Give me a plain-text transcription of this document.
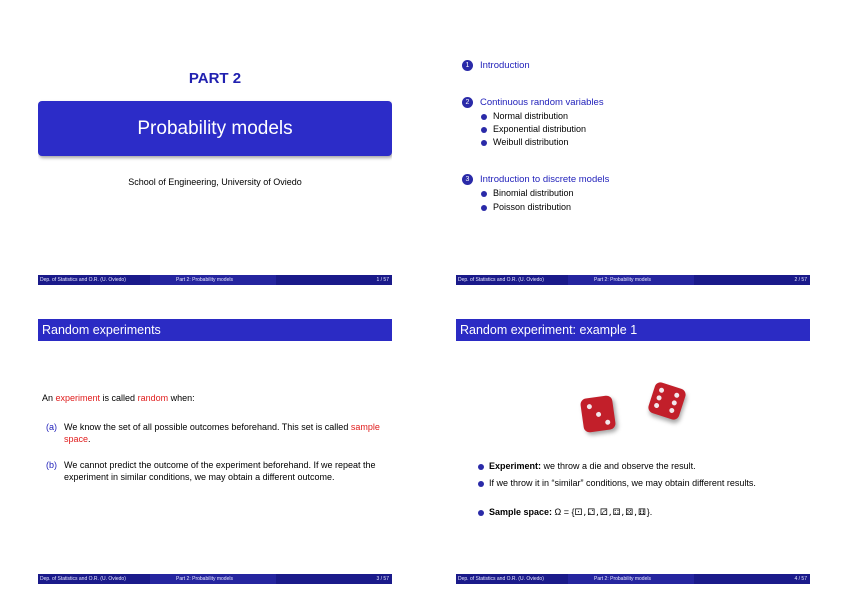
PART 2
Probability models
School of Engineering, University of Oviedo
Dep. of Statistics and O.R. (U. Oviedo)	Part 2: Probability models	1 / 57
1 Introduction
2 Continuous random variables
Normal distribution
Exponential distribution
Weibull distribution
3 Introduction to discrete models
Binomial distribution
Poisson distribution
Dep. of Statistics and O.R. (U. Oviedo)	Part 2: Probability models	2 / 57
Random experiments
An experiment is called random when:
(a) We know the set of all possible outcomes beforehand. This set is called sample space.
(b) We cannot predict the outcome of the experiment beforehand. If we repeat the experiment in similar conditions, we may obtain a different outcome.
Dep. of Statistics and O.R. (U. Oviedo)	Part 2: Probability models	3 / 57
Random experiment: example 1
Experiment: we throw a die and observe the result.
If we throw it in “similar” conditions, we may obtain different results.
Sample space: Ω = {⚀,⚁,⚂,⚃,⚄,⚅}.
Dep. of Statistics and O.R. (U. Oviedo)	Part 2: Probability models	4 / 57
